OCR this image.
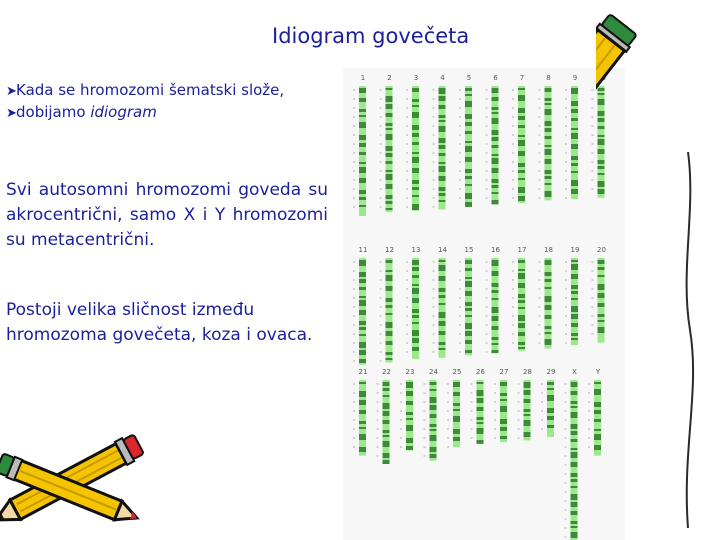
Idiogram govečeta
➤Kada se hromozomi šematski slože,
➤dobijamo idiogram
Svi autosomni hromozomi goveda su akrocentrični, samo X i Y hromozomi su metacentrični.
Postoji velika sličnost između hromozoma govečeta, koza i ovaca.
1	2	3	4	5	6	7	8	9
11	12	13	14	15	16	17	18	19	20
21 22 23 24 25 26 27 28 29 X	Y
